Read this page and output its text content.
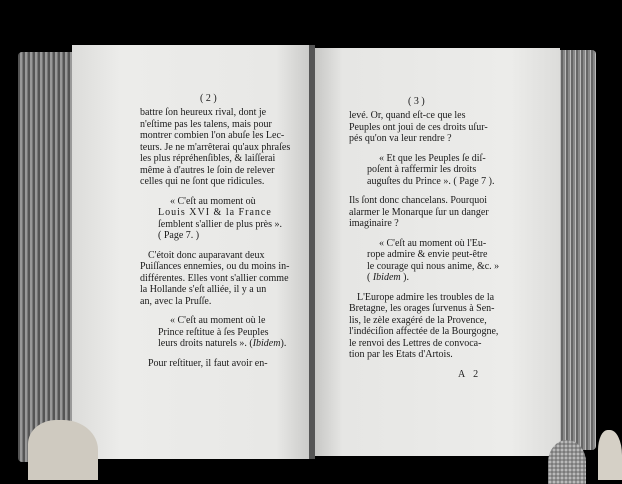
( 2 )
battre ſon heureux rival, dont je
n'eſtime pas les talens, mais pour
montrer combien l'on abuſe les Lec-
teurs. Je ne m'arrêterai qu'aux phraſes
les plus répréhenſibles, & laiſſerai
même à d'autres le ſoin de relever
celles qui ne ſont que ridicules.
« C'eſt au moment où
Louis XVI & la France
ſemblent s'allier de plus près ».
( Page 7. )
C'étoit donc auparavant deux
Puiſſances ennemies, ou du moins in-
différentes. Elles vont s'allier comme
la Hollande s'eſt alliée, il y a un
an, avec la Pruſſe.
« C'eſt au moment où le
Prince reſtitue à ſes Peuples
leurs droits naturels ». (Ibidem).
Pour reſtituer, il faut avoir en-
( 3 )
levé. Or, quand eſt-ce que les
Peuples ont joui de ces droits uſur-
pés qu'on va leur rendre ?
« Et que les Peuples ſe diſ-
poſent à raffermir les droits
auguſtes du Prince ». ( Page 7 ).
Ils ſont donc chancelans. Pourquoi
alarmer le Monarque ſur un danger
imaginaire ?
« C'eſt au moment où l'Eu-
rope admire & envie peut-être
le courage qui nous anime, &c. »
( Ibidem ).
L'Europe admire les troubles de la
Bretagne, les orages ſurvenus à Sen-
lis, le zèle exagéré de la Provence,
l'indéciſion affectée de la Bourgogne,
le renvoi des Lettres de convoca-
tion par les Etats d'Artois.
A 2
